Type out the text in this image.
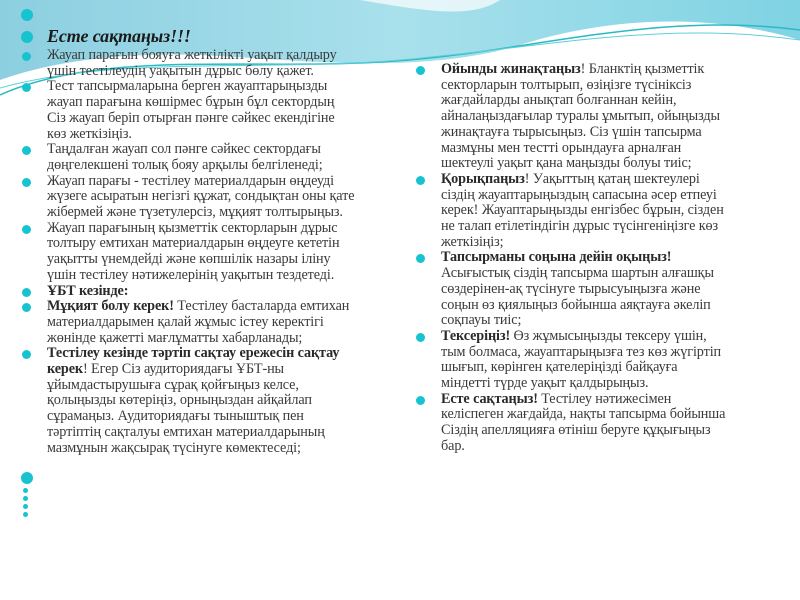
Есте сақтаңыз!!!
Жауап парағын бояуға жеткілікті уақыт қалдыру
үшін тестілеудің уақытын дұрыс бөлу қажет.
Тест тапсырмаларына берген жауаптарыңызды
жауап парағына көшірмес бұрын бұл сектордың
Сіз жауап беріп отырған пәнге сәйкес екендігіне
көз жеткізіңіз.
Таңдалған жауап сол пәнге сәйкес сектордағы
дөңгелекшені толық бояу арқылы белгіленеді;
Жауап парағы - тестілеу материалдарын өңдеуді
жүзеге асыратын негізгі құжат, сондықтан оны қате
жібермей және түзетулерсіз, мұқият толтырыңыз.
Жауап парағының қызметтік секторларын дұрыс
толтыру емтихан материалдарын өңдеуге кететін
уақытты үнемдейді және көпшілік назары іліну
үшін тестілеу нәтижелерінің уақытын тездетеді.
ҰБТ кезінде:
Мұқият болу керек! Тестілеу басталарда емтихан
материалдарымен қалай жұмыс істеу керектігі
жөнінде қажетті мағлұматты хабарланады;
Тестілеу кезінде тәртіп сақтау ережесін сақтау
керек! Егер Сіз аудиториядағы ҰБТ-ны
ұйымдастырушыға сұрақ қойғыңыз келсе,
қолыңызды көтеріңіз, орныңыздан айқайлап
сұрамаңыз. Аудиториядағы тыныштық пен
тәртіптің сақталуы емтихан материалдарының
мазмұнын жақсырақ түсінуге көмектеседі;
Ойынды жинақтаңыз! Бланктің қызметтік
секторларын толтырып, өзіңізге түсініксіз
жағдайларды анықтап болғаннан кейін,
айналаңыздағылар туралы ұмытып, ойыңызды
жинақтауға тырысыңыз. Сіз үшін тапсырма
мазмұны мен тестті орындауға арналған
шектеулі уақыт қана маңызды болуы тиіс;
Қорықпаңыз! Уақыттың қатаң шектеулері
сіздің жауаптарыңыздың сапасына әсер етпеуі
керек! Жауаптарыңызды енгізбес бұрын, сізден
не талап етілетіндігін дұрыс түсінгеніңізге көз
жеткізіңіз;
Тапсырманы соңына дейін оқыңыз!
Асығыстық сіздің тапсырма шартын алғашқы
сөздерінен-ақ түсінуге тырысуыңызға және
соңын өз қиялыңыз бойынша аяқтауға әкеліп
соқпауы тиіс;
Тексеріңіз! Өз жұмысыңызды тексеру үшін,
тым болмаса, жауаптарыңызға тез көз жүгіртіп
шығып, көрінген қателеріңізді байқауға
міндетті түрде уақыт қалдырыңыз.
Есте сақтаңыз! Тестілеу нәтижесімен
келіспеген жағдайда, нақты тапсырма бойынша
Сіздің апелляцияға өтініш беруге құқығыңыз
бар.
